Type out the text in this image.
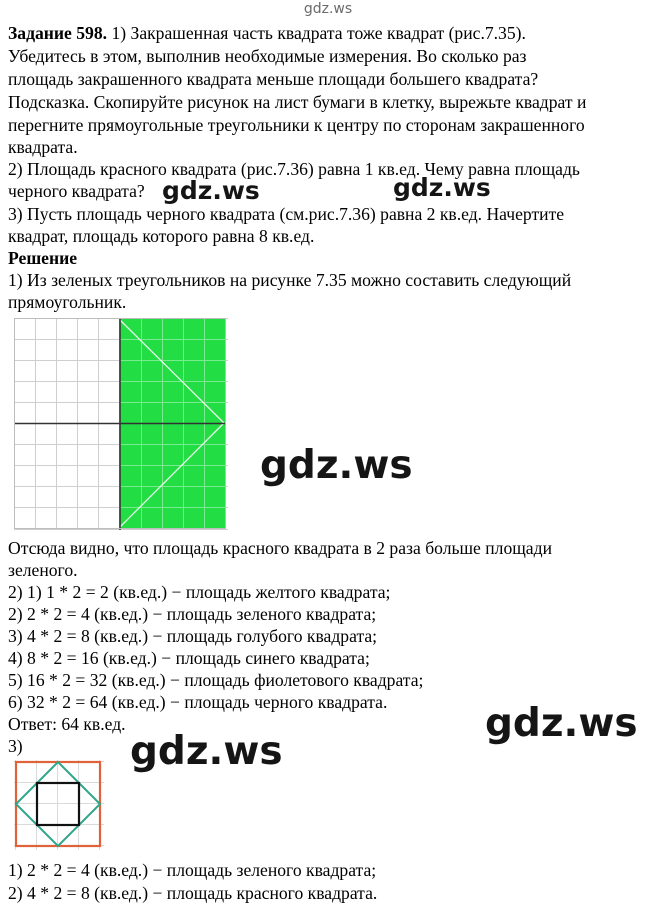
gdz.ws

Задание 598. 1) Закрашенная часть квадрата тоже квадрат (рис.7.35).

Убедитесь в этом, выполнив необходимые измерения. Во сколько раз

площадь закрашенного квадрата меньше площади большего квадрата?

Подсказка. Скопируйте рисунок на лист бумаги в клетку, вырежьте квадрат и

перегните прямоугольные треугольники к центру по сторонам закрашенного

квадрата.

2) Площадь красного квадрата (рис.7.36) равна 1 кв.ед. Чему равна площадь

черного квадрата?

3) Пусть площадь черного квадрата (см.рис.7.36) равна 2 кв.ед. Начертите

квадрат, площадь которого равна 8 кв.ед.

Решение

1) Из зеленых треугольников на рисунке 7.35 можно составить следующий

прямоугольник.

Отсюда видно, что площадь красного квадрата в 2 раза больше площади

зеленого.

2) 1) 1 * 2 = 2 (кв.ед.) − площадь желтого квадрата;

2) 2 * 2 = 4 (кв.ед.) − площадь зеленого квадрата;

3) 4 * 2 = 8 (кв.ед.) − площадь голубого квадрата;

4) 8 * 2 = 16 (кв.ед.) − площадь синего квадрата;

5) 16 * 2 = 32 (кв.ед.) − площадь фиолетового квадрата;

6) 32 * 2 = 64 (кв.ед.) − площадь черного квадрата.

Ответ: 64 кв.ед.

3)

1) 2 * 2 = 4 (кв.ед.) − площадь зеленого квадрата;

2) 4 * 2 = 8 (кв.ед.) − площадь красного квадрата.

gdz.ws	gdz.ws
gdz.ws
gdz.ws
gdz.ws
